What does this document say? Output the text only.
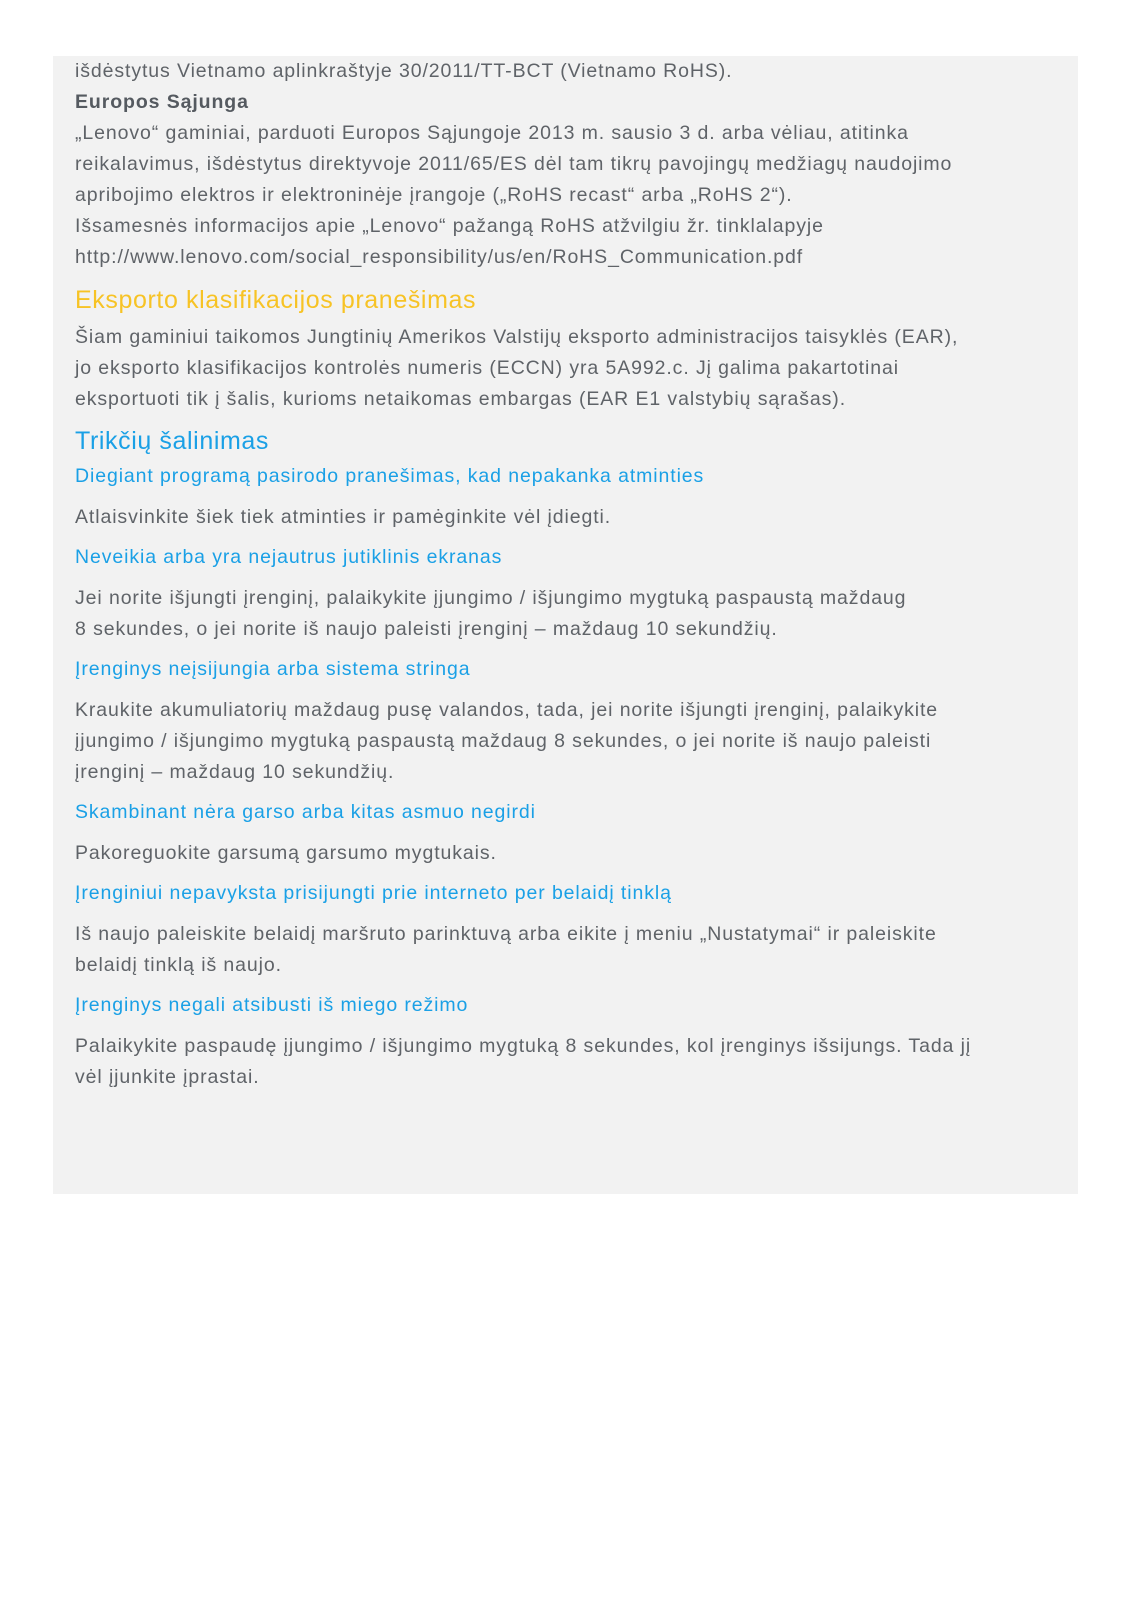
išdėstytus Vietnamo aplinkraštyje 30/2011/TT-BCT (Vietnamo RoHS).

Europos Sąjunga

„Lenovo“ gaminiai, parduoti Europos Sąjungoje 2013 m. sausio 3 d. arba vėliau, atitinka

reikalavimus, išdėstytus direktyvoje 2011/65/ES dėl tam tikrų pavojingų medžiagų naudojimo

apribojimo elektros ir elektroninėje įrangoje („RoHS recast“ arba „RoHS 2“).

Išsamesnės informacijos apie „Lenovo“ pažangą RoHS atžvilgiu žr. tinklalapyje

http://www.lenovo.com/social_responsibility/us/en/RoHS_Communication.pdf

Eksporto klasifikacijos pranešimas

Šiam gaminiui taikomos Jungtinių Amerikos Valstijų eksporto administracijos taisyklės (EAR),

jo eksporto klasifikacijos kontrolės numeris (ECCN) yra 5A992.c. Jį galima pakartotinai

eksportuoti tik į šalis, kurioms netaikomas embargas (EAR E1 valstybių sąrašas).

Trikčių šalinimas

Diegiant programą pasirodo pranešimas, kad nepakanka atminties

Atlaisvinkite šiek tiek atminties ir pamėginkite vėl įdiegti.

Neveikia arba yra nejautrus jutiklinis ekranas

Jei norite išjungti įrenginį, palaikykite įjungimo / išjungimo mygtuką paspaustą maždaug

8 sekundes, o jei norite iš naujo paleisti įrenginį – maždaug 10 sekundžių.

Įrenginys neįsijungia arba sistema stringa

Kraukite akumuliatorių maždaug pusę valandos, tada, jei norite išjungti įrenginį, palaikykite

įjungimo / išjungimo mygtuką paspaustą maždaug 8 sekundes, o jei norite iš naujo paleisti

įrenginį – maždaug 10 sekundžių.

Skambinant nėra garso arba kitas asmuo negirdi

Pakoreguokite garsumą garsumo mygtukais.

Įrenginiui nepavyksta prisijungti prie interneto per belaidį tinklą

Iš naujo paleiskite belaidį maršruto parinktuvą arba eikite į meniu „Nustatymai“ ir paleiskite

belaidį tinklą iš naujo.

Įrenginys negali atsibusti iš miego režimo

Palaikykite paspaudę įjungimo / išjungimo mygtuką 8 sekundes, kol įrenginys išsijungs. Tada jį

vėl įjunkite įprastai.
